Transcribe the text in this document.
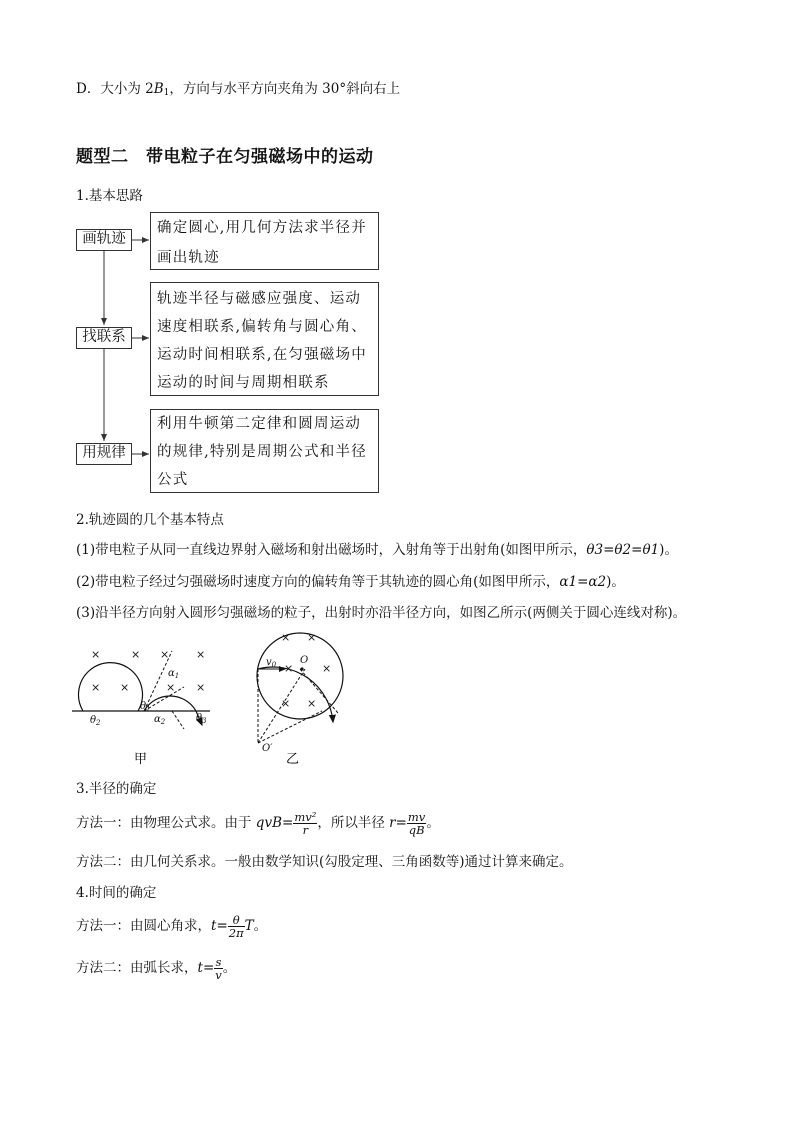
D．大小为 $2B_1$，方向与水平方向夹角为 30°斜向右上
题型二　带电粒子在匀强磁场中的运动
1.基本思路
画轨迹
找联系
用规律
确定圆心,用几何方法求半径并画出轨迹
轨迹半径与磁感应强度、运动速度相联系,偏转角与圆心角、运动时间相联系,在匀强磁场中运动的时间与周期相联系
利用牛顿第二定律和圆周运动的规律,特别是周期公式和半径公式
2.轨迹圆的几个基本特点
(1)带电粒子从同一直线边界射入磁场和射出磁场时，入射角等于出射角(如图甲所示，θ3=θ2=θ1)。
(2)带电粒子经过匀强磁场时速度方向的偏转角等于其轨迹的圆心角(如图甲所示，α1=α2)。
(3)沿半径方向射入圆形匀强磁场的粒子，出射时亦沿半径方向，如图乙所示(两侧关于圆心连线对称)。
×	× × ×
× ×	× ×
$\alpha_1$
$\alpha_2$
$\theta_1$
$\theta_2$	$\theta_3$
× ×
×	×
× ×
$v_0$ O
O′
甲	乙
3.半径的确定
方法一：由物理公式求。由于 $qvB= \frac{\text{mv²}}{r}$ ，所以半径 $r= \frac{mv}{qB}$ 。
方法二：由几何关系求。一般由数学知识(勾股定理、三角函数等)通过计算来确定。
4.时间的确定
方法一：由圆心角求，$t= \frac{\theta}{2\pi}$ T。
方法二：由弧长求，$t= \frac{s}{v}$ 。
